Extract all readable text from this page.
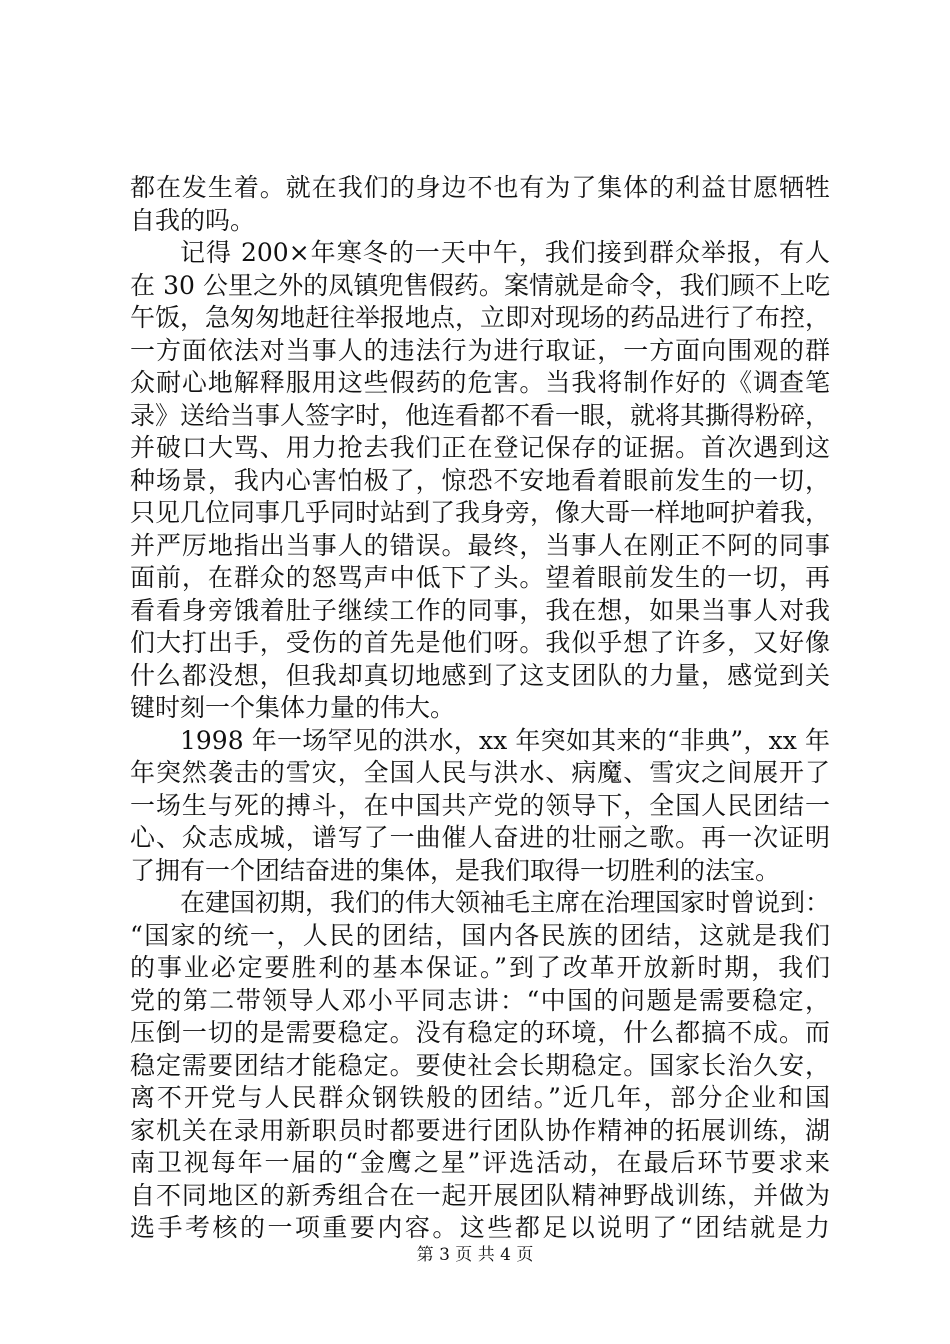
都在发生着。就在我们的身边不也有为了集体的利益甘愿牺牲
自我的吗。
记得 200×年寒冬的一天中午，我们接到群众举报，有人
在 30 公里之外的凤镇兜售假药。案情就是命令，我们顾不上吃
午饭，急匆匆地赶往举报地点，立即对现场的药品进行了布控，
一方面依法对当事人的违法行为进行取证，一方面向围观的群
众耐心地解释服用这些假药的危害。当我将制作好的《调查笔
录》送给当事人签字时，他连看都不看一眼，就将其撕得粉碎，
并破口大骂、用力抢去我们正在登记保存的证据。首次遇到这
种场景，我内心害怕极了，惊恐不安地看着眼前发生的一切，
只见几位同事几乎同时站到了我身旁，像大哥一样地呵护着我，
并严厉地指出当事人的错误。最终，当事人在刚正不阿的同事
面前，在群众的怒骂声中低下了头。望着眼前发生的一切，再
看看身旁饿着肚子继续工作的同事，我在想，如果当事人对我
们大打出手，受伤的首先是他们呀。我似乎想了许多，又好像
什么都没想，但我却真切地感到了这支团队的力量，感觉到关
键时刻一个集体力量的伟大。
1998 年一场罕见的洪水，xx 年突如其来的“非典”，xx 年
年突然袭击的雪灾，全国人民与洪水、病魔、雪灾之间展开了
一场生与死的搏斗，在中国共产党的领导下，全国人民团结一
心、众志成城，谱写了一曲催人奋进的壮丽之歌。再一次证明
了拥有一个团结奋进的集体，是我们取得一切胜利的法宝。
在建国初期，我们的伟大领袖毛主席在治理国家时曾说到：
“国家的统一，人民的团结，国内各民族的团结，这就是我们
的事业必定要胜利的基本保证。”到了改革开放新时期，我们
党的第二带领导人邓小平同志讲：“中国的问题是需要稳定，
压倒一切的是需要稳定。没有稳定的环境，什么都搞不成。而
稳定需要团结才能稳定。要使社会长期稳定。国家长治久安，
离不开党与人民群众钢铁般的团结。”近几年，部分企业和国
家机关在录用新职员时都要进行团队协作精神的拓展训练，湖
南卫视每年一届的“金鹰之星”评选活动，在最后环节要求来
自不同地区的新秀组合在一起开展团队精神野战训练，并做为
选手考核的一项重要内容。这些都足以说明了“团结就是力
第 3 页 共 4 页
